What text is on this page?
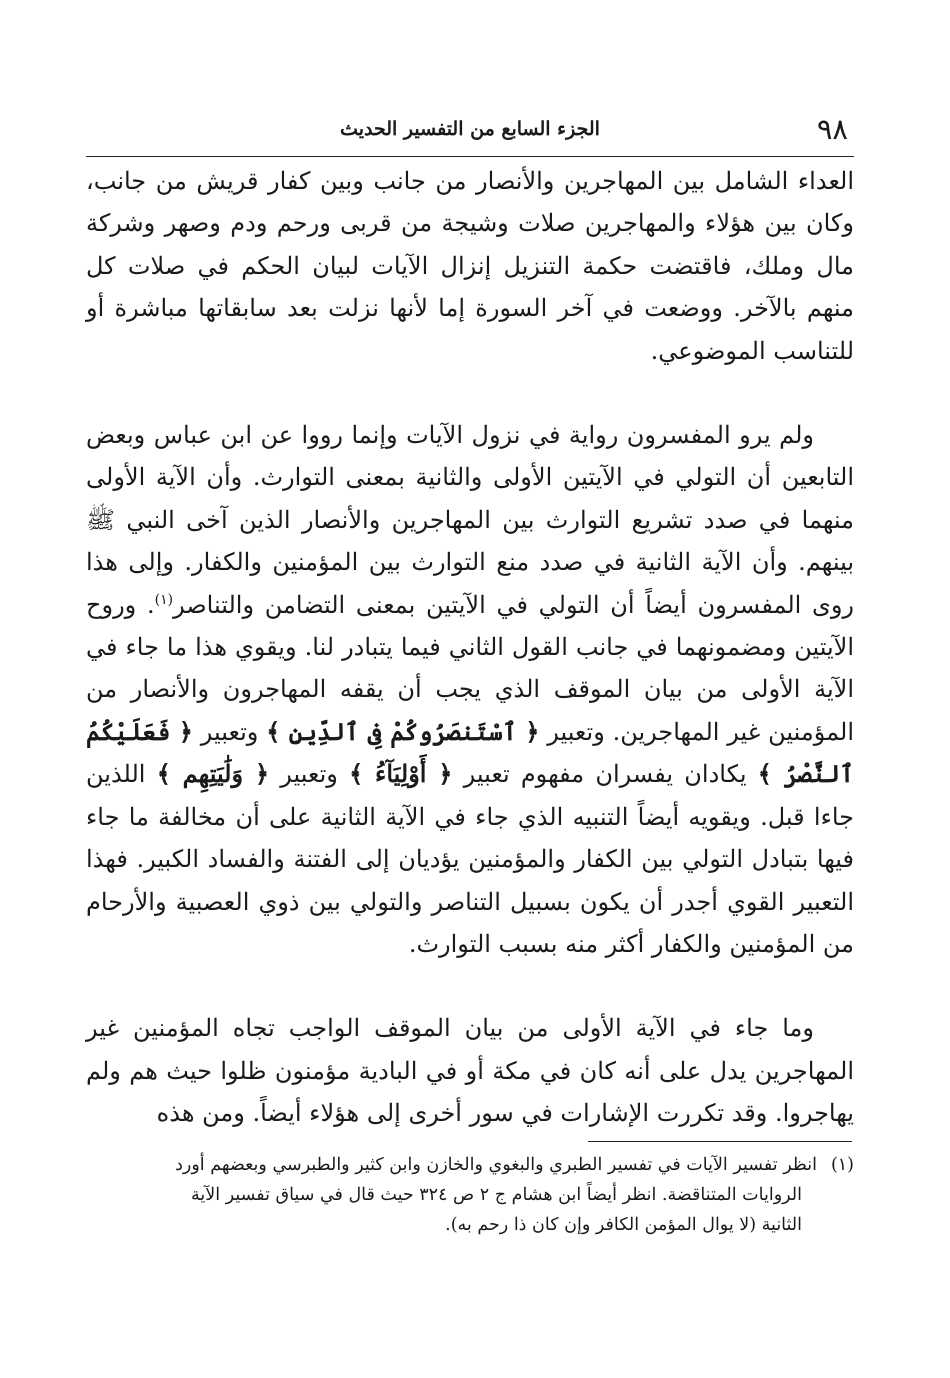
٩٨
الجزء السابع من التفسير الحديث

العداء الشامل بين المهاجرين والأنصار من جانب وبين كفار قريش من جانب، وكان بين هؤلاء والمهاجرين صلات وشيجة من قربى ورحم ودم وصهر وشركة مال وملك، فاقتضت حكمة التنزيل إنزال الآيات لبيان الحكم في صلات كل منهم بالآخر. ووضعت في آخر السورة إما لأنها نزلت بعد سابقاتها مباشرة أو للتناسب الموضوعي.

ولم يرو المفسرون رواية في نزول الآيات وإنما رووا عن ابن عباس وبعض التابعين أن التولي في الآيتين الأولى والثانية بمعنى التوارث. وأن الآية الأولى منهما في صدد تشريع التوارث بين المهاجرين والأنصار الذين آخى النبي ﷺ بينهم. وأن الآية الثانية في صدد منع التوارث بين المؤمنين والكفار. وإلى هذا روى المفسرون أيضاً أن التولي في الآيتين بمعنى التضامن والتناصر$^{(١)}$. وروح الآيتين ومضمونهما في جانب القول الثاني فيما يتبادر لنا. ويقوي هذا ما جاء في الآية الأولى من بيان الموقف الذي يجب أن يقفه المهاجرون والأنصار من المؤمنين غير المهاجرين. وتعبير ﴿ ٱسْتَنصَرُوكُمْ فِى ٱلدِّينِ ﴾ وتعبير ﴿ فَعَلَيْكُمُ ٱلنَّصْرُ ﴾ يكادان يفسران مفهوم تعبير ﴿ أَوْلِيَآءُ ﴾ وتعبير ﴿ وَلَٰيَتِهِم ﴾ اللذين جاءا قبل. ويقويه أيضاً التنبيه الذي جاء في الآية الثانية على أن مخالفة ما جاء فيها بتبادل التولي بين الكفار والمؤمنين يؤديان إلى الفتنة والفساد الكبير. فهذا التعبير القوي أجدر أن يكون بسبيل التناصر والتولي بين ذوي العصبية والأرحام من المؤمنين والكفار أكثر منه بسبب التوارث.

وما جاء في الآية الأولى من بيان الموقف الواجب تجاه المؤمنين غير المهاجرين يدل على أنه كان في مكة أو في البادية مؤمنون ظلوا حيث هم ولم يهاجروا. وقد تكررت الإشارات في سور أخرى إلى هؤلاء أيضاً. ومن هذه

(١)انظر تفسير الآيات في تفسير الطبري والبغوي والخازن وابن كثير والطبرسي وبعضهم أورد

الروايات المتناقضة. انظر أيضاً ابن هشام ج ٢ ص ٣٢٤ حيث قال في سياق تفسير الآية

الثانية (لا يوال المؤمن الكافر وإن كان ذا رحم به).
